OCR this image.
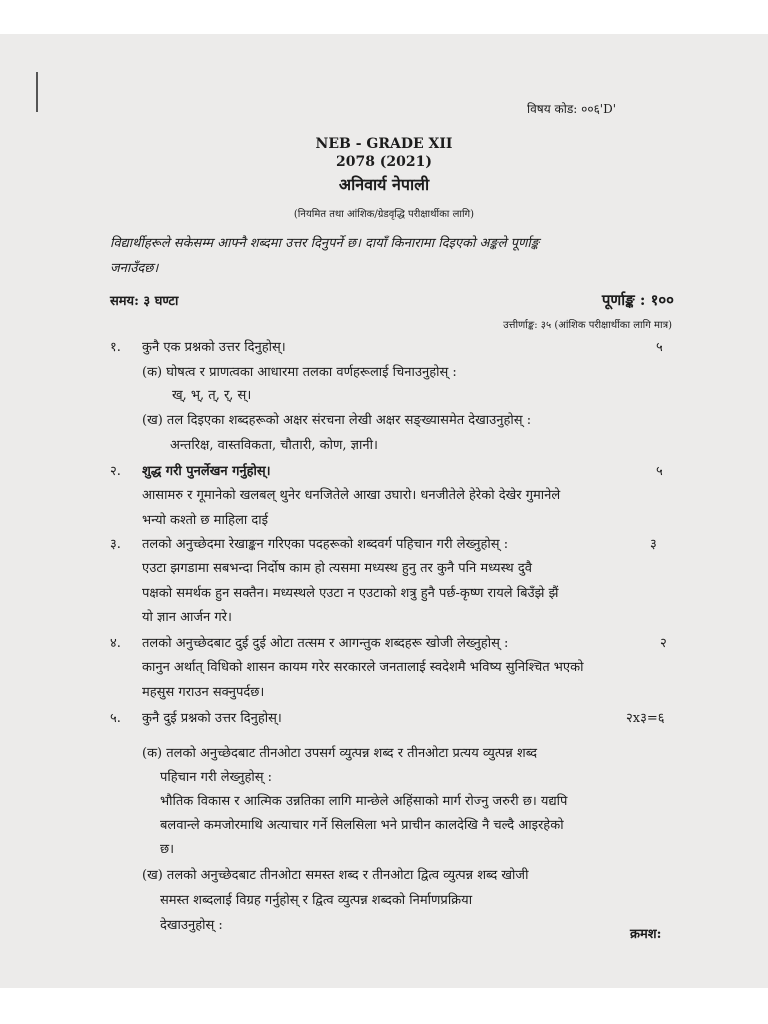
विषय कोड: ००६'D'
NEB - GRADE XII
2078 (2021)
अनिवार्य नेपाली
(नियमित तथा आंशिक/ग्रेडवृद्धि परीक्षार्थीका लागि)
विद्यार्थीहरूले सकेसम्म आफ्नै शब्दमा उत्तर दिनुपर्ने छ। दायाँ किनारामा दिइएको अङ्कले पूर्णाङ्क
जनाउँदछ।
समय: ३ घण्टा	पूर्णाङ्क : १००
उत्तीर्णाङ्क: ३५ (आंशिक परीक्षार्थीका लागि मात्र)
१. कुनै एक प्रश्नको उत्तर दिनुहोस्।	५
(क) घोषत्व र प्राणत्वका आधारमा तलका वर्णहरूलाई चिनाउनुहोस् :
ख्, भ्, त्, र्, स्।
(ख) तल दिइएका शब्दहरूको अक्षर संरचना लेखी अक्षर सङ्ख्यासमेत देखाउनुहोस् :
अन्तरिक्ष, वास्तविकता, चौतारी, कोण, ज्ञानी।
२. शुद्ध गरी पुनर्लेखन गर्नुहोस्।	५
आसामरु र गूमानेको खलबल् थुनेर धनजितेले आखा उघारो। धनजीतेले हेरेको देखेर गुमानेले
भन्यो कश्तो छ माहिला दाई
३. तलको अनुच्छेदमा रेखाङ्कन गरिएका पदहरूको शब्दवर्ग पहिचान गरी लेख्नुहोस् :	३
एउटा झगडामा सबभन्दा निर्दोष काम हो त्यसमा मध्यस्थ हुनु तर कुनै पनि मध्यस्थ दुवै
पक्षको समर्थक हुन सक्तैन। मध्यस्थले एउटा न एउटाको शत्रु हुनै पर्छ-कृष्ण रायले बिउँझे झैं
यो ज्ञान आर्जन गरे।
४. तलको अनुच्छेदबाट दुई दुई ओटा तत्सम र आगन्तुक शब्दहरू खोजी लेख्नुहोस् :	२
कानुन अर्थात् विधिको शासन कायम गरेर सरकारले जनतालाई स्वदेशमै भविष्य सुनिश्चित भएको
महसुस गराउन सक्नुपर्दछ।
५. कुनै दुई प्रश्नको उत्तर दिनुहोस्।	२x३=६
(क) तलको अनुच्छेदबाट तीनओटा उपसर्ग व्युत्पन्न शब्द र तीनओटा प्रत्यय व्युत्पन्न शब्द
पहिचान गरी लेख्नुहोस् :
भौतिक विकास र आत्मिक उन्नतिका लागि मान्छेले अहिंसाको मार्ग रोज्नु जरुरी छ। यद्यपि
बलवान्ले कमजोरमाथि अत्याचार गर्ने सिलसिला भने प्राचीन कालदेखि नै चल्दै आइरहेको
छ।
(ख) तलको अनुच्छेदबाट तीनओटा समस्त शब्द र तीनओटा द्वित्व व्युत्पन्न शब्द खोजी
समस्त शब्दलाई विग्रह गर्नुहोस् र द्वित्व व्युत्पन्न शब्दको निर्माणप्रक्रिया
देखाउनुहोस् :
क्रमश:
